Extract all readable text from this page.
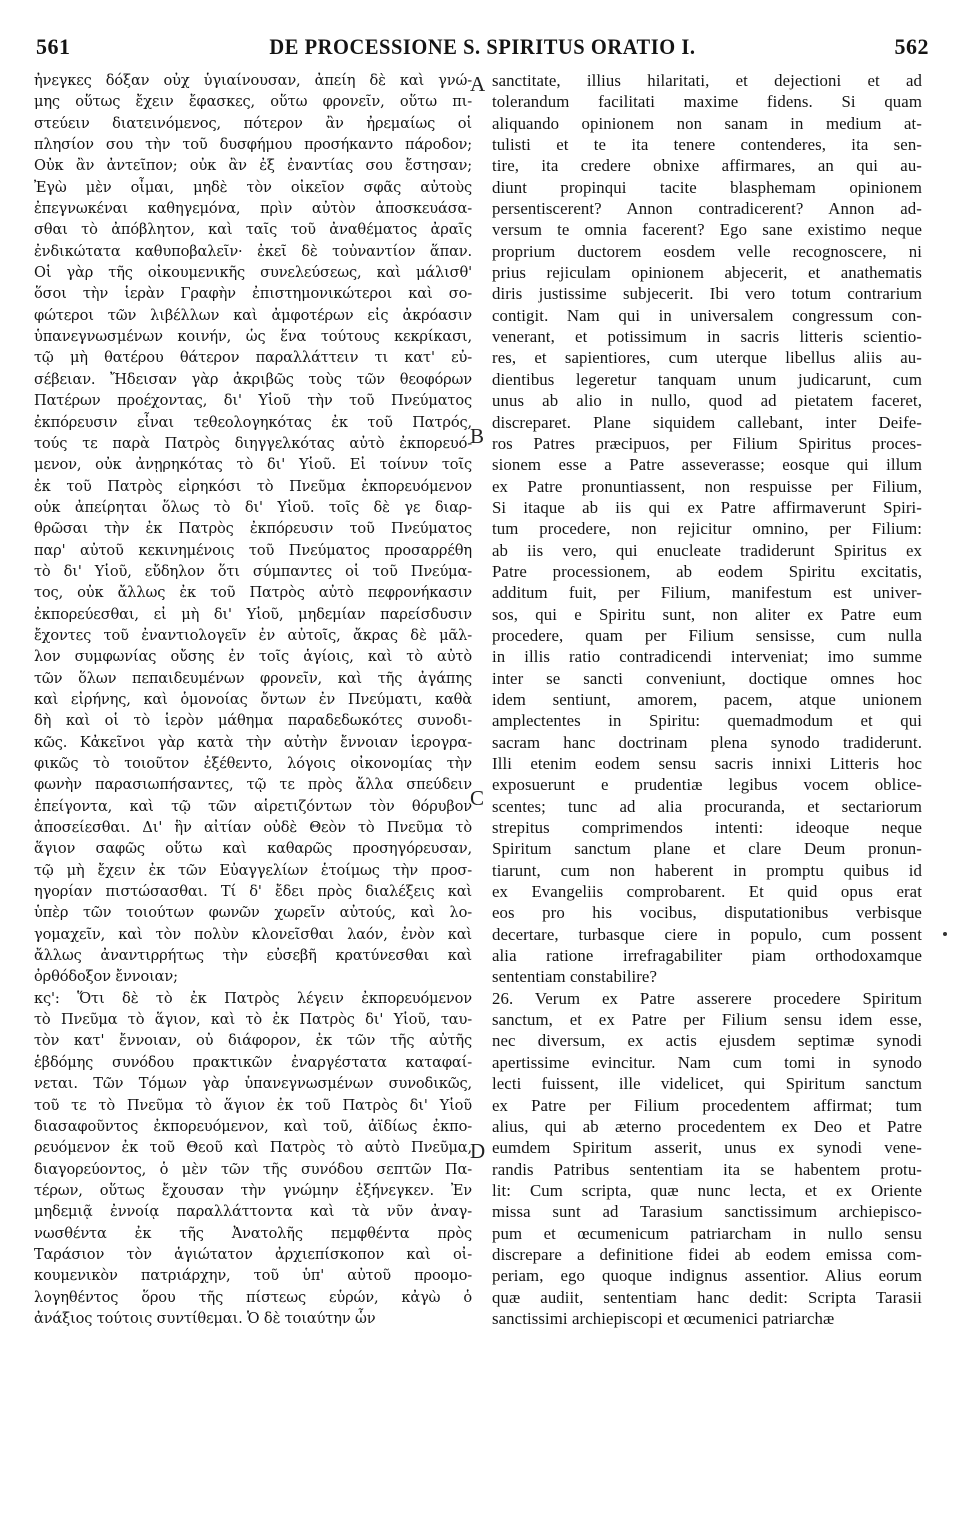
561	DE PROCESSIONE S. SPIRITUS ORATIO I.	562
ἠνεγκες δόξαν οὐχ ὑγιαίνουσαν, ἀπείη δὲ καὶ γνώ-
μης οὕτως ἔχειν ἔφασκες, οὕτω φρονεῖν, οὕτω πι-
στεύειν διατεινόμενος, πότερον ἂν ἠρεμαίως οἱ
πλησίον σου τὴν τοῦ δυσφήμου προσήκαντο πάροδον;
Οὐκ ἂν ἀντεῖπον; οὐκ ἂν ἐξ ἐναντίας σου ἔστησαν;
Ἐγὼ μὲν οἶμαι, μηδὲ τὸν οἰκεῖον σφᾶς αὐτοὺς
ἐπεγνωκέναι καθηγεμόνα, πρὶν αὐτὸν ἀποσκευάσα-
σθαι τὸ ἀπόβλητον, καὶ ταῖς τοῦ ἀναθέματος ἀραῖς
ἐνδικώτατα καθυποβαλεῖν· ἐκεῖ δὲ τοὐναντίον ἅπαν.
Οἱ γὰρ τῆς οἰκουμενικῆς συνελεύσεως, καὶ μάλισθ'
ὅσοι τὴν ἱερὰν Γραφὴν ἐπιστημονικώτεροι καὶ σο-
φώτεροι τῶν λιβέλλων καὶ ἀμφοτέρων εἰς ἀκρόασιν
ὑπανεγνωσμένων κοινήν, ὡς ἕνα τούτους κεκρίκασι,
τῷ μὴ θατέρου θάτερον παραλλάττειν τι κατ' εὐ-
σέβειαν. Ἤδεισαν γὰρ ἀκριβῶς τοὺς τῶν θεοφόρων
Πατέρων προέχοντας, δι' Υἱοῦ τὴν τοῦ Πνεύματος
ἐκπόρευσιν εἶναι τεθεολογηκότας ἐκ τοῦ Πατρός,
τούς τε παρὰ Πατρὸς διηγγελκότας αὐτὸ ἐκπορευό-
μενον, οὐκ ἀνῃρηκότας τὸ δι' Υἱοῦ. Εἰ τοίνυν τοῖς
ἐκ τοῦ Πατρὸς εἰρηκόσι τὸ Πνεῦμα ἐκπορευόμενον
οὐκ ἀπείρηται ὅλως τὸ δι' Υἱοῦ. τοῖς δὲ γε διαρ-
θρῶσαι τὴν ἐκ Πατρὸς ἐκπόρευσιν τοῦ Πνεύματος
παρ' αὐτοῦ κεκινημένοις τοῦ Πνεύματος προσαρρέθη
τὸ δι' Υἱοῦ, εὔδηλον ὅτι σύμπαντες οἱ τοῦ Πνεύμα-
τος, οὐκ ἄλλως ἐκ τοῦ Πατρὸς αὐτὸ πεφρονήκασιν
ἐκπορεύεσθαι, εἰ μὴ δι' Υἱοῦ, μηδεμίαν παρείσδυσιν
ἔχοντες τοῦ ἐναντιολογεῖν ἐν αὐτοῖς, ἄκρας δὲ μᾶλ-
λον συμφωνίας οὔσης ἐν τοῖς ἁγίοις, καὶ τὸ αὐτὸ
τῶν ὅλων πεπαιδευμένων φρονεῖν, καὶ τῆς ἀγάπης
καὶ εἰρήνης, καὶ ὁμονοίας ὄντων ἐν Πνεύματι, καθὰ
δὴ καὶ οἱ τὸ ἱερὸν μάθημα παραδεδωκότες συνοδι-
κῶς. Κἀκεῖνοι γὰρ κατὰ τὴν αὐτὴν ἔννοιαν ἱερογρα-
φικῶς τὸ τοιοῦτον ἐξέθεντο, λόγοις οἰκονομίας τὴν
φωνὴν παρασιωπήσαντες, τῷ τε πρὸς ἄλλα σπεύδειν
ἐπείγοντα, καὶ τῷ τῶν αἱρετιζόντων τὸν θόρυβον
ἀποσείεσθαι. Δι' ἣν αἰτίαν οὐδὲ Θεὸν τὸ Πνεῦμα τὸ
ἅγιον σαφῶς οὕτω καὶ καθαρῶς προσηγόρευσαν,
τῷ μὴ ἔχειν ἐκ τῶν Εὐαγγελίων ἑτοίμως τὴν προσ-
ηγορίαν πιστώσασθαι. Τί δ' ἔδει πρὸς διαλέξεις καὶ
ὑπὲρ τῶν τοιούτων φωνῶν χωρεῖν αὐτούς, καὶ λο-
γομαχεῖν, καὶ τὸν πολὺν κλονεῖσθαι λαόν, ἐνὸν καὶ
ἄλλως ἀναντιρρήτως τὴν εὐσεβῆ κρατύνεσθαι καὶ
ὀρθόδοξον ἔννοιαν;
κς': Ὅτι δὲ τὸ ἐκ Πατρὸς λέγειν ἐκπορευόμενον
τὸ Πνεῦμα τὸ ἅγιον, καὶ τὸ ἐκ Πατρὸς δι' Υἱοῦ, ταυ-
τὸν κατ' ἔννοιαν, οὐ διάφορον, ἐκ τῶν τῆς αὐτῆς
ἑβδόμης συνόδου πρακτικῶν ἐναργέστατα καταφαί-
νεται. Τῶν Τόμων γὰρ ὑπανεγνωσμένων συνοδικῶς,
τοῦ τε τὸ Πνεῦμα τὸ ἅγιον ἐκ τοῦ Πατρὸς δι' Υἱοῦ
διασαφοῦντος ἐκπορευόμενον, καὶ τοῦ, ἀϊδίως ἐκπο-
ρευόμενον ἐκ τοῦ Θεοῦ καὶ Πατρὸς τὸ αὐτὸ Πνεῦμα,
διαγορεύοντος, ὁ μὲν τῶν τῆς συνόδου σεπτῶν Πα-
τέρων, οὕτως ἔχουσαν τὴν γνώμην ἐξήνεγκεν. Ἐν
μηδεμιᾷ ἐννοίᾳ παραλλάττοντα καὶ τὰ νῦν ἀναγ-
νωσθέντα ἐκ τῆς Ἀνατολῆς πεμφθέντα πρὸς
Ταράσιον τὸν ἁγιώτατον ἀρχιεπίσκοπον καὶ οἰ-
κουμενικὸν πατριάρχην, τοῦ ὑπ' αὐτοῦ προομο-
λογηθέντος ὅρου τῆς πίστεως εὑρών, κἀγὼ ὁ
ἀνάξιος τούτοις συντίθεμαι. Ὁ δὲ τοιαύτην ὧν
sanctitate, illius hilaritati, et dejectioni et ad
tolerandum facilitati maxime fidens. Si quam
aliquando opinionem non sanam in medium at-
tulisti et te ita tenere contenderes, ita sen-
tire, ita credere obnixe affirmares, an qui au-
diunt propinqui tacite blasphemam opinionem
persentiscerent? Annon contradicerent? Annon ad-
versum te omnia facerent? Ego sane existimo neque
proprium ductorem eosdem velle recognoscere, ni
prius rejiculam opinionem abjecerit, et anathematis
diris justissime subjecerit. Ibi vero totum contrarium
contigit. Nam qui in universalem congressum con-
venerant, et potissimum in sacris litteris scientio-
res, et sapientiores, cum uterque libellus aliis au-
dientibus legeretur tanquam unum judicarunt, cum
unus ab alio in nullo, quod ad pietatem faceret,
discreparet. Plane siquidem callebant, inter Deife-
ros Patres præcipuos, per Filium Spiritus proces-
sionem esse a Patre asseverasse; eosque qui illum
ex Patre pronuntiassent, non respuisse per Filium,
Si itaque ab iis qui ex Patre affirmaverunt Spiri-
tum procedere, non rejicitur omnino, per Filium:
ab iis vero, qui enucleate tradiderunt Spiritus ex
Patre processionem, ab eodem Spiritu excitatis,
additum fuit, per Filium, manifestum est univer-
sos, qui e Spiritu sunt, non aliter ex Patre eum
procedere, quam per Filium sensisse, cum nulla
in illis ratio contradicendi interveniat; imo summe
inter se sancti conveniunt, doctique omnes hoc
idem sentiunt, amorem, pacem, atque unionem
amplectentes in Spiritu: quemadmodum et qui
sacram hanc doctrinam plena synodo tradiderunt.
Illi etenim eodem sensu sacris innixi Litteris hoc
exposuerunt e prudentiæ legibus vocem oblice-
scentes; tunc ad alia procuranda, et sectariorum
strepitus comprimendos intenti: ideoque neque
Spiritum sanctum plane et clare Deum pronun-
tiarunt, cum non haberent in promptu quibus id
ex Evangeliis comprobarent. Et quid opus erat
eos pro his vocibus, disputationibus verbisque
decertare, turbasque ciere in populo, cum possent
alia ratione irrefragabiliter piam orthodoxamque
sententiam constabilire?
26. Verum ex Patre asserere procedere Spiritum
sanctum, et ex Patre per Filium sensu idem esse,
nec diversum, ex actis ejusdem septimæ synodi
apertissime evincitur. Nam cum tomi in synodo
lecti fuissent, ille videlicet, qui Spiritum sanctum
ex Patre per Filium procedentem affirmat; tum
alius, qui ab æterno procedentem ex Deo et Patre
eumdem Spiritum asserit, unus ex synodi vene-
randis Patribus sententiam ita se habentem protu-
lit: Cum scripta, quæ nunc lecta, et ex Oriente
missa sunt ad Tarasium sanctissimum archiepisco-
pum et œcumenicum patriarcham in nullo sensu
discrepare a definitione fidei ab eodem emissa com-
periam, ego quoque indignus assentior. Alius eorum
quæ audiit, sententiam hanc dedit: Scripta Tarasii
sanctissimi archiepiscopi et œcumenici patriarchæ
A
B
C
D
